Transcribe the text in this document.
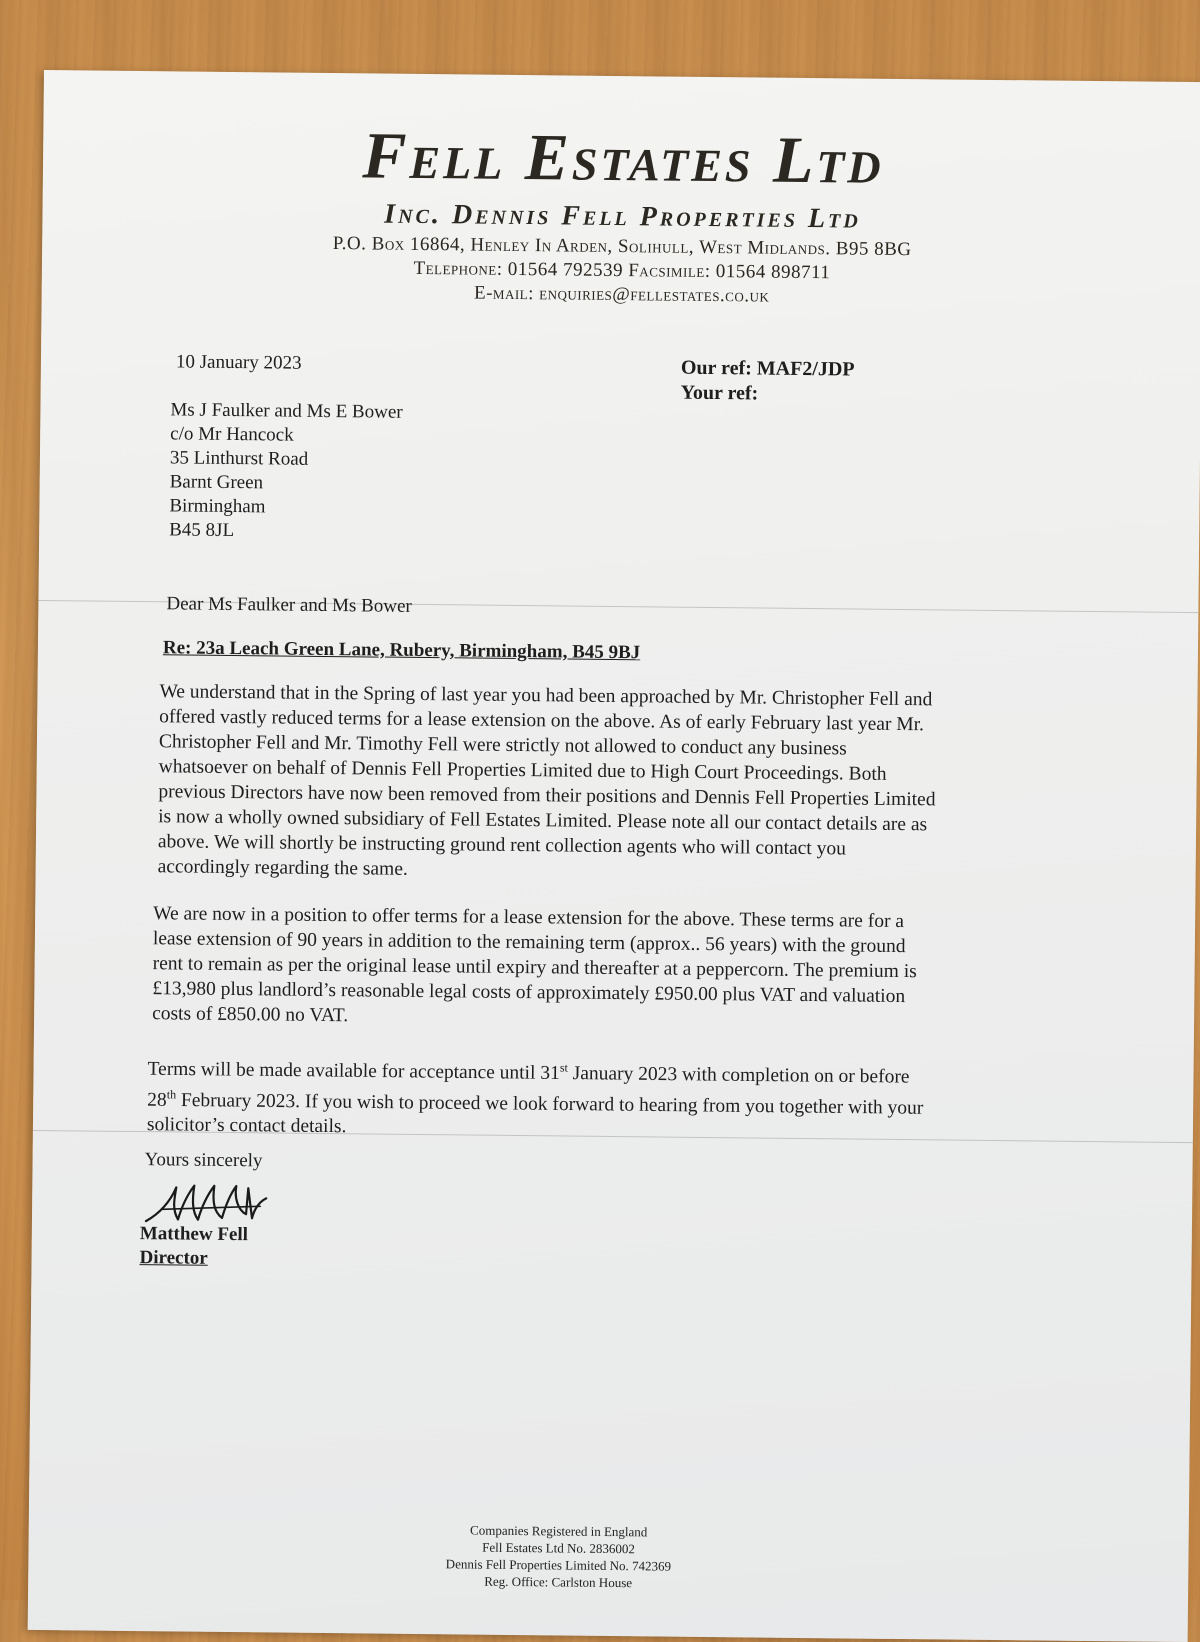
Fell Estates Ltd
Inc. Dennis Fell Properties Ltd
P.O. Box 16864, Henley In Arden, Solihull, West Midlands. B95 8BG
Telephone: 01564 792539 Facsimile: 01564 898711
E-mail: enquiries@fellestates.co.uk
10 January 2023	Our ref: MAF2/JDP
Your ref:
Ms J Faulker and Ms E Bower
c/o Mr Hancock
35 Linthurst Road
Barnt Green
Birmingham
B45 8JL
Dear Ms Faulker and Ms Bower
Re: 23a Leach Green Lane, Rubery, Birmingham, B45 9BJ
We understand that in the Spring of last year you had been approached by Mr. Christopher Fell and
offered vastly reduced terms for a lease extension on the above. As of early February last year Mr.
Christopher Fell and Mr. Timothy Fell were strictly not allowed to conduct any business
whatsoever on behalf of Dennis Fell Properties Limited due to High Court Proceedings. Both
previous Directors have now been removed from their positions and Dennis Fell Properties Limited
is now a wholly owned subsidiary of Fell Estates Limited. Please note all our contact details are as
above. We will shortly be instructing ground rent collection agents who will contact you
accordingly regarding the same.
We are now in a position to offer terms for a lease extension for the above. These terms are for a
lease extension of 90 years in addition to the remaining term (approx.. 56 years) with the ground
rent to remain as per the original lease until expiry and thereafter at a peppercorn. The premium is
£13,980 plus landlord’s reasonable legal costs of approximately £950.00 plus VAT and valuation
costs of £850.00 no VAT.
Terms will be made available for acceptance until 31st January 2023 with completion on or before
28th February 2023. If you wish to proceed we look forward to hearing from you together with your
solicitor’s contact details.
Yours sincerely
Matthew Fell
Director
Companies Registered in England
Fell Estates Ltd No. 2836002
Dennis Fell Properties Limited No. 742369
Reg. Office: Carlston House
